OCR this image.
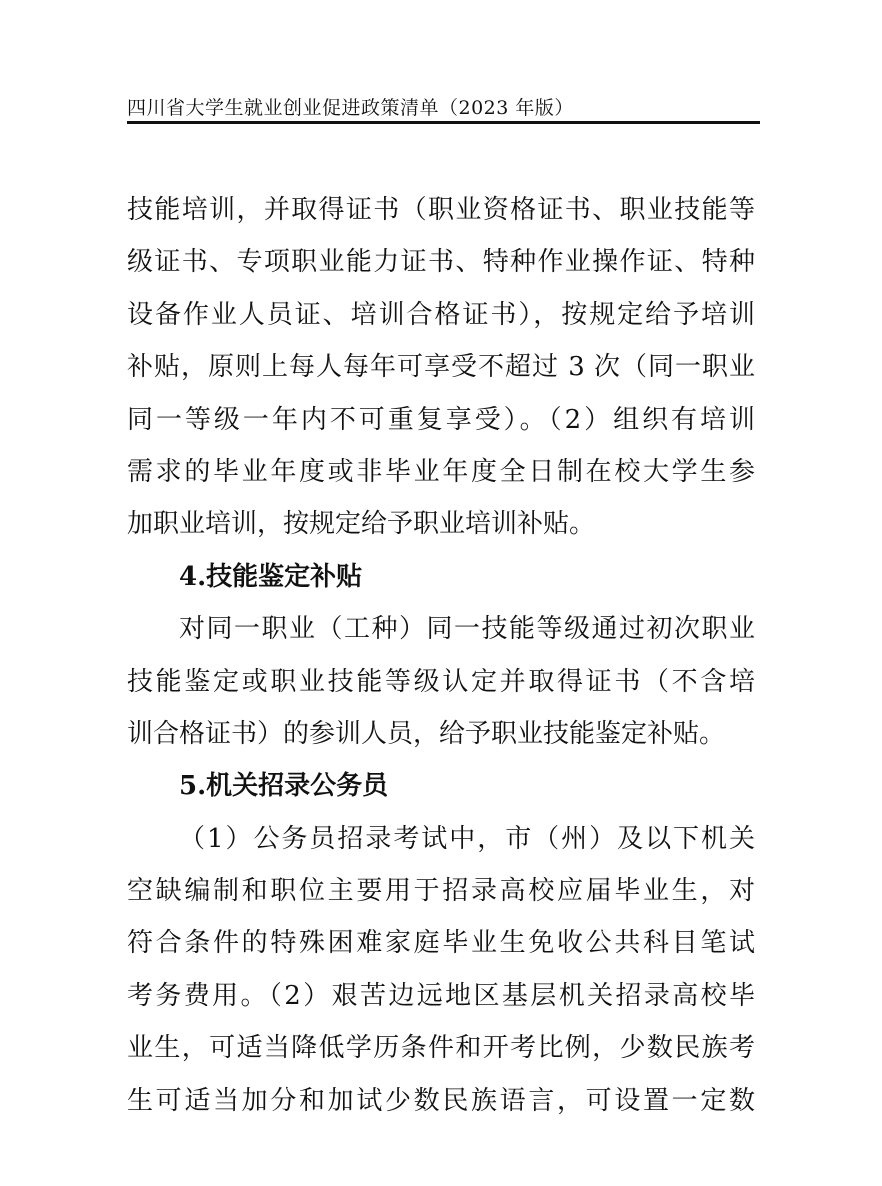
四川省大学生就业创业促进政策清单（2023 年版）
技能培训，并取得证书（职业资格证书、职业技能等
级证书、专项职业能力证书、特种作业操作证、特种
设备作业人员证、培训合格证书），按规定给予培训
补贴，原则上每人每年可享受不超过 3 次（同一职业
同一等级一年内不可重复享受）。（2）组织有培训
需求的毕业年度或非毕业年度全日制在校大学生参
加职业培训，按规定给予职业培训补贴。
4.技能鉴定补贴
对同一职业（工种）同一技能等级通过初次职业
技能鉴定或职业技能等级认定并取得证书（不含培
训合格证书）的参训人员，给予职业技能鉴定补贴。
5.机关招录公务员
（1）公务员招录考试中，市（州）及以下机关
空缺编制和职位主要用于招录高校应届毕业生，对
符合条件的特殊困难家庭毕业生免收公共科目笔试
考务费用。（2）艰苦边远地区基层机关招录高校毕
业生，可适当降低学历条件和开考比例，少数民族考
生可适当加分和加试少数民族语言，可设置一定数
